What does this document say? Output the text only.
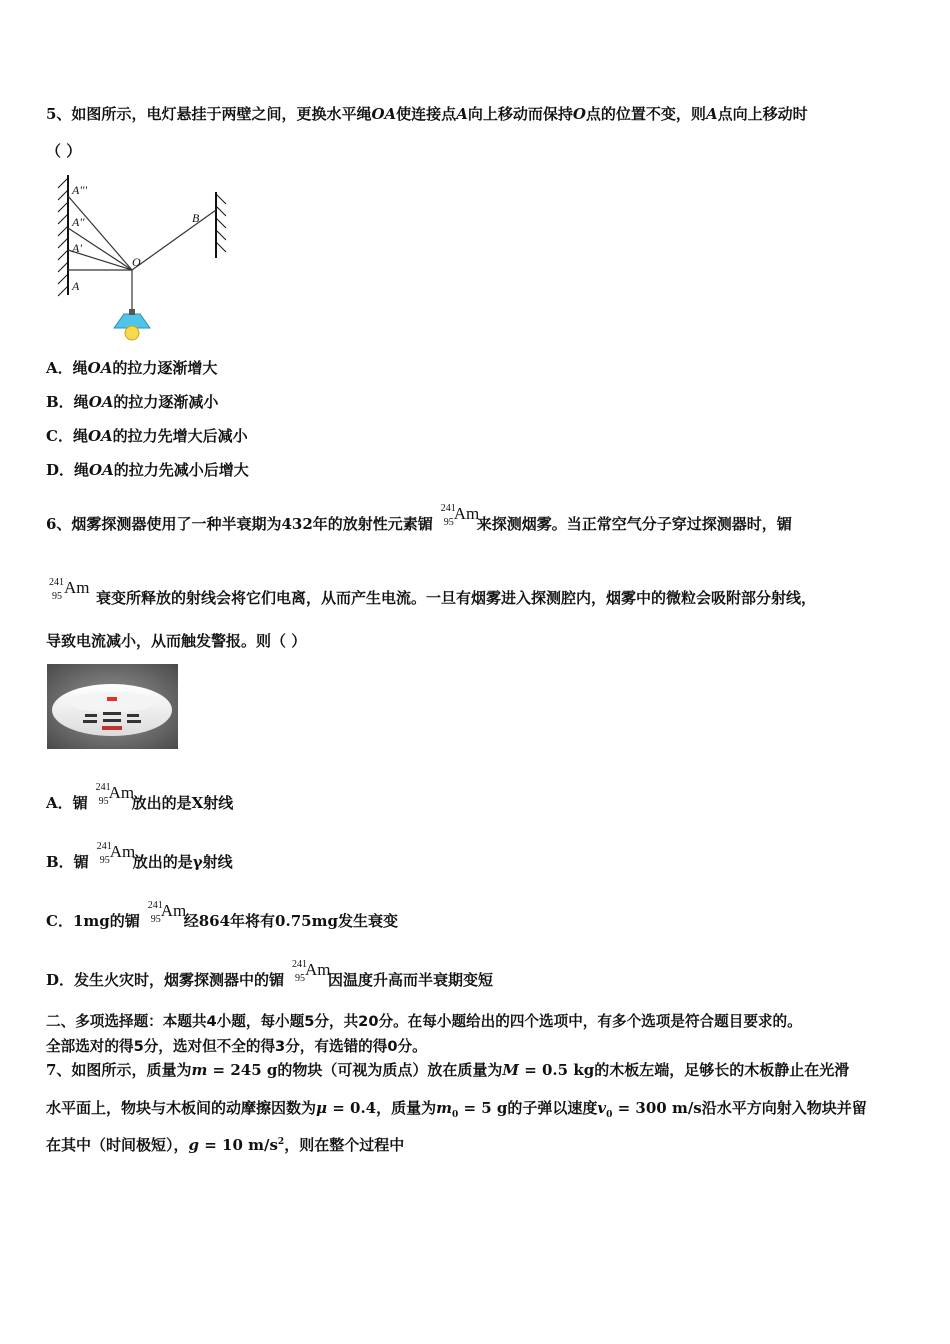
5、如图所示，电灯悬挂于两壁之间，更换水平绳OA使连接点A向上移动而保持O点的位置不变，则A点向上移动时
（ ）
A'''
A''
A'
A
O
B
A．绳OA的拉力逐渐增大
B．绳OA的拉力逐渐减小
C．绳OA的拉力先增大后减小
D．绳OA的拉力先减小后增大
6、烟雾探测器使用了一种半衰期为432年的放射性元素镅
241
95 Am
来探测烟雾。当正常空气分子穿过探测器时，镅
241
95 Am
衰变所释放的射线会将它们电离，从而产生电流。一旦有烟雾进入探测腔内，烟雾中的微粒会吸附部分射线，
导致电流减小，从而触发警报。则（ ）
A．镅
241
95 Am
放出的是X射线
B．镅
241
95 Am
放出的是γ射线
C．1mg的镅
241
95 Am
经864年将有0.75mg发生衰变
D．发生火灾时，烟雾探测器中的镅
241
95 Am
因温度升高而半衰期变短
二、多项选择题：本题共4小题，每小题5分，共20分。在每小题给出的四个选项中，有多个选项是符合题目要求的。
全部选对的得5分，选对但不全的得3分，有选错的得0分。
7、如图所示，质量为m = 245 g的物块（可视为质点）放在质量为M = 0.5 kg的木板左端，足够长的木板静止在光滑
水平面上，物块与木板间的动摩擦因数为μ = 0.4，质量为$m_0 = 5$ g的子弹以速度$v_0 = 300$ m/s沿水平方向射入物块并留
在其中（时间极短），g = 10 $m/s^2$，则在整个过程中
